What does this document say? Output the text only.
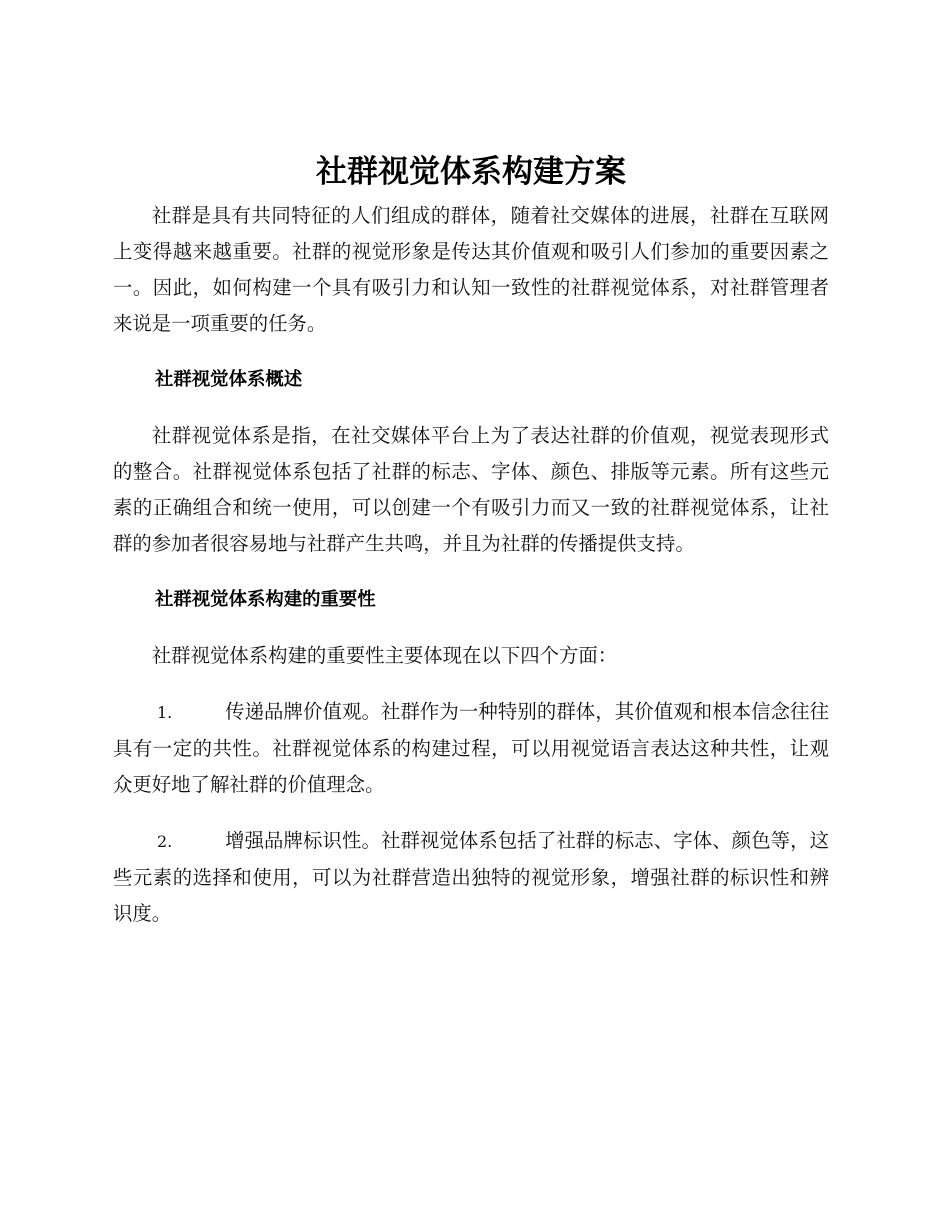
社群视觉体系构建方案

社群是具有共同特征的人们组成的群体，随着社交媒体的进展，社群在互联网上变得越来越重要。社群的视觉形象是传达其价值观和吸引人们参加的重要因素之一。因此，如何构建一个具有吸引力和认知一致性的社群视觉体系，对社群管理者来说是一项重要的任务。

社群视觉体系概述

社群视觉体系是指，在社交媒体平台上为了表达社群的价值观，视觉表现形式的整合。社群视觉体系包括了社群的标志、字体、颜色、排版等元素。所有这些元素的正确组合和统一使用，可以创建一个有吸引力而又一致的社群视觉体系，让社群的参加者很容易地与社群产生共鸣，并且为社群的传播提供支持。

社群视觉体系构建的重要性

社群视觉体系构建的重要性主要体现在以下四个方面：

1.	传递品牌价值观。社群作为一种特别的群体，其价值观和根本信念往往具有一定的共性。社群视觉体系的构建过程，可以用视觉语言表达这种共性，让观众更好地了解社群的价值理念。

2.	增强品牌标识性。社群视觉体系包括了社群的标志、字体、颜色等，这些元素的选择和使用，可以为社群营造出独特的视觉形象，增强社群的标识性和辨识度。
